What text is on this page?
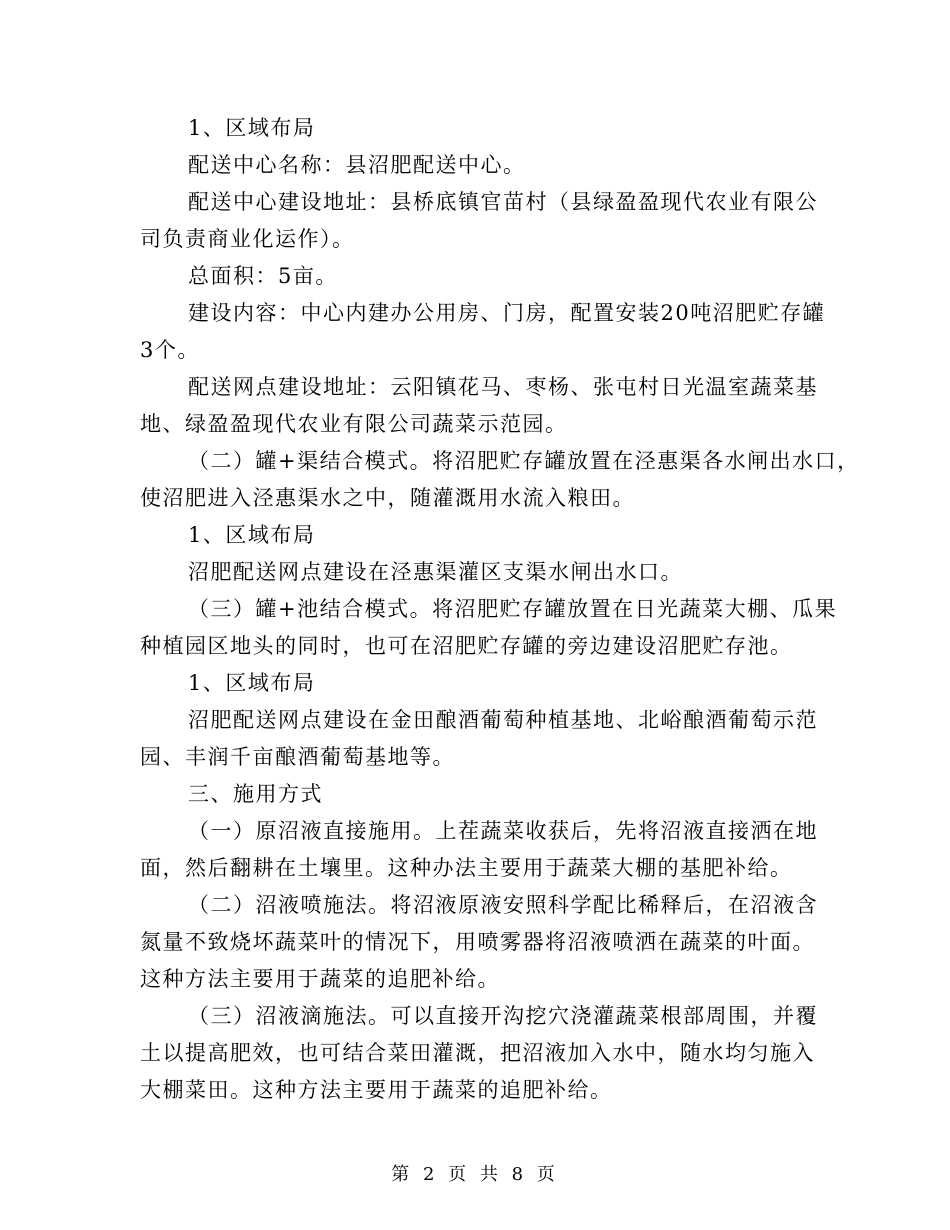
1、区域布局
配送中心名称：县沼肥配送中心。
配送中心建设地址：县桥底镇官苗村（县绿盈盈现代农业有限公
司负责商业化运作）。
总面积：5亩。
建设内容：中心内建办公用房、门房，配置安装20吨沼肥贮存罐
3个。
配送网点建设地址：云阳镇花马、枣杨、张屯村日光温室蔬菜基
地、绿盈盈现代农业有限公司蔬菜示范园。
（二）罐+渠结合模式。将沼肥贮存罐放置在泾惠渠各水闸出水口，
使沼肥进入泾惠渠水之中，随灌溉用水流入粮田。
1、区域布局
沼肥配送网点建设在泾惠渠灌区支渠水闸出水口。
（三）罐+池结合模式。将沼肥贮存罐放置在日光蔬菜大棚、瓜果
种植园区地头的同时，也可在沼肥贮存罐的旁边建设沼肥贮存池。
1、区域布局
沼肥配送网点建设在金田酿酒葡萄种植基地、北峪酿酒葡萄示范
园、丰润千亩酿酒葡萄基地等。
三、施用方式
（一）原沼液直接施用。上茬蔬菜收获后，先将沼液直接洒在地
面，然后翻耕在土壤里。这种办法主要用于蔬菜大棚的基肥补给。
（二）沼液喷施法。将沼液原液安照科学配比稀释后，在沼液含
氮量不致烧坏蔬菜叶的情况下，用喷雾器将沼液喷洒在蔬菜的叶面。
这种方法主要用于蔬菜的追肥补给。
（三）沼液滴施法。可以直接开沟挖穴浇灌蔬菜根部周围，并覆
土以提高肥效，也可结合菜田灌溉，把沼液加入水中，随水均匀施入
大棚菜田。这种方法主要用于蔬菜的追肥补给。
第 2 页 共 8 页
